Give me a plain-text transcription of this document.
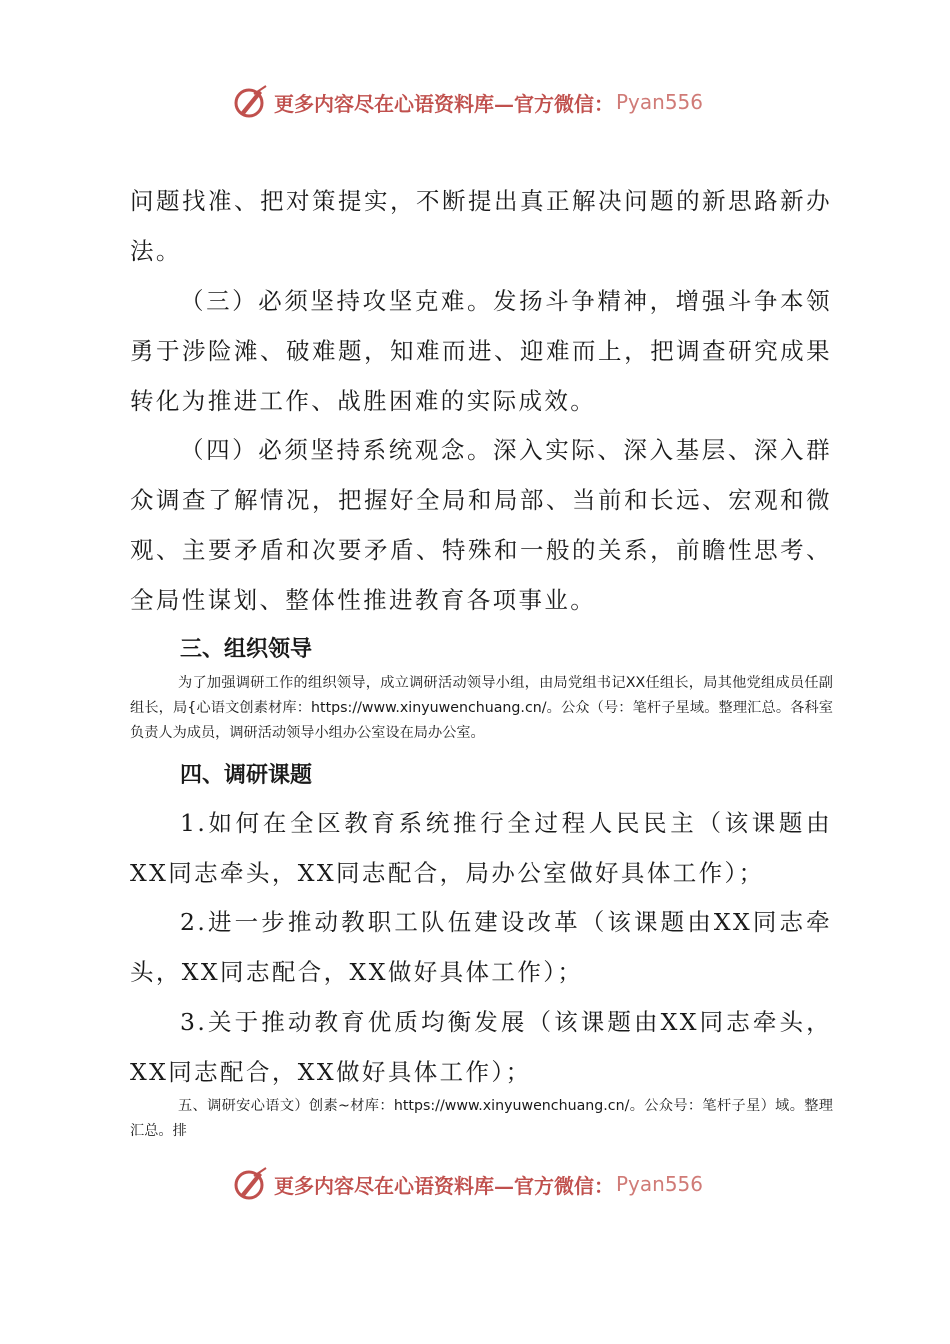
更多内容尽在心语资料库—官方微信： Pyan556

问题找准、把对策提实，不断提出真正解决问题的新思路新办法。

（三）必须坚持攻坚克难。发扬斗争精神，增强斗争本领勇于涉险滩、破难题，知难而进、迎难而上，把调查研究成果转化为推进工作、战胜困难的实际成效。

（四）必须坚持系统观念。深入实际、深入基层、深入群众调查了解情况，把握好全局和局部、当前和长远、宏观和微观、主要矛盾和次要矛盾、特殊和一般的关系，前瞻性思考、全局性谋划、整体性推进教育各项事业。

三、组织领导

为了加强调研工作的组织领导，成立调研活动领导小组，由局党组书记XX任组长，局其他党组成员任副组长，局{心语文创素材库：https://www.xinyuwenchuang.cn/。公众（号：笔杆子星域。整理汇总。各科室负责人为成员，调研活动领导小组办公室设在局办公室。

四、调研课题

1.如何在全区教育系统推行全过程人民民主（该课题由XX同志牵头，XX同志配合，局办公室做好具体工作）；

2.进一步推动教职工队伍建设改革（该课题由XX同志牵头，XX同志配合，XX做好具体工作）；

3.关于推动教育优质均衡发展（该课题由XX同志牵头，XX同志配合，XX做好具体工作）；

五、调研安心语文）创素~材库：https://www.xinyuwenchuang.cn/。公众号：笔杆子星）域。整理汇总。排

更多内容尽在心语资料库—官方微信： Pyan556
